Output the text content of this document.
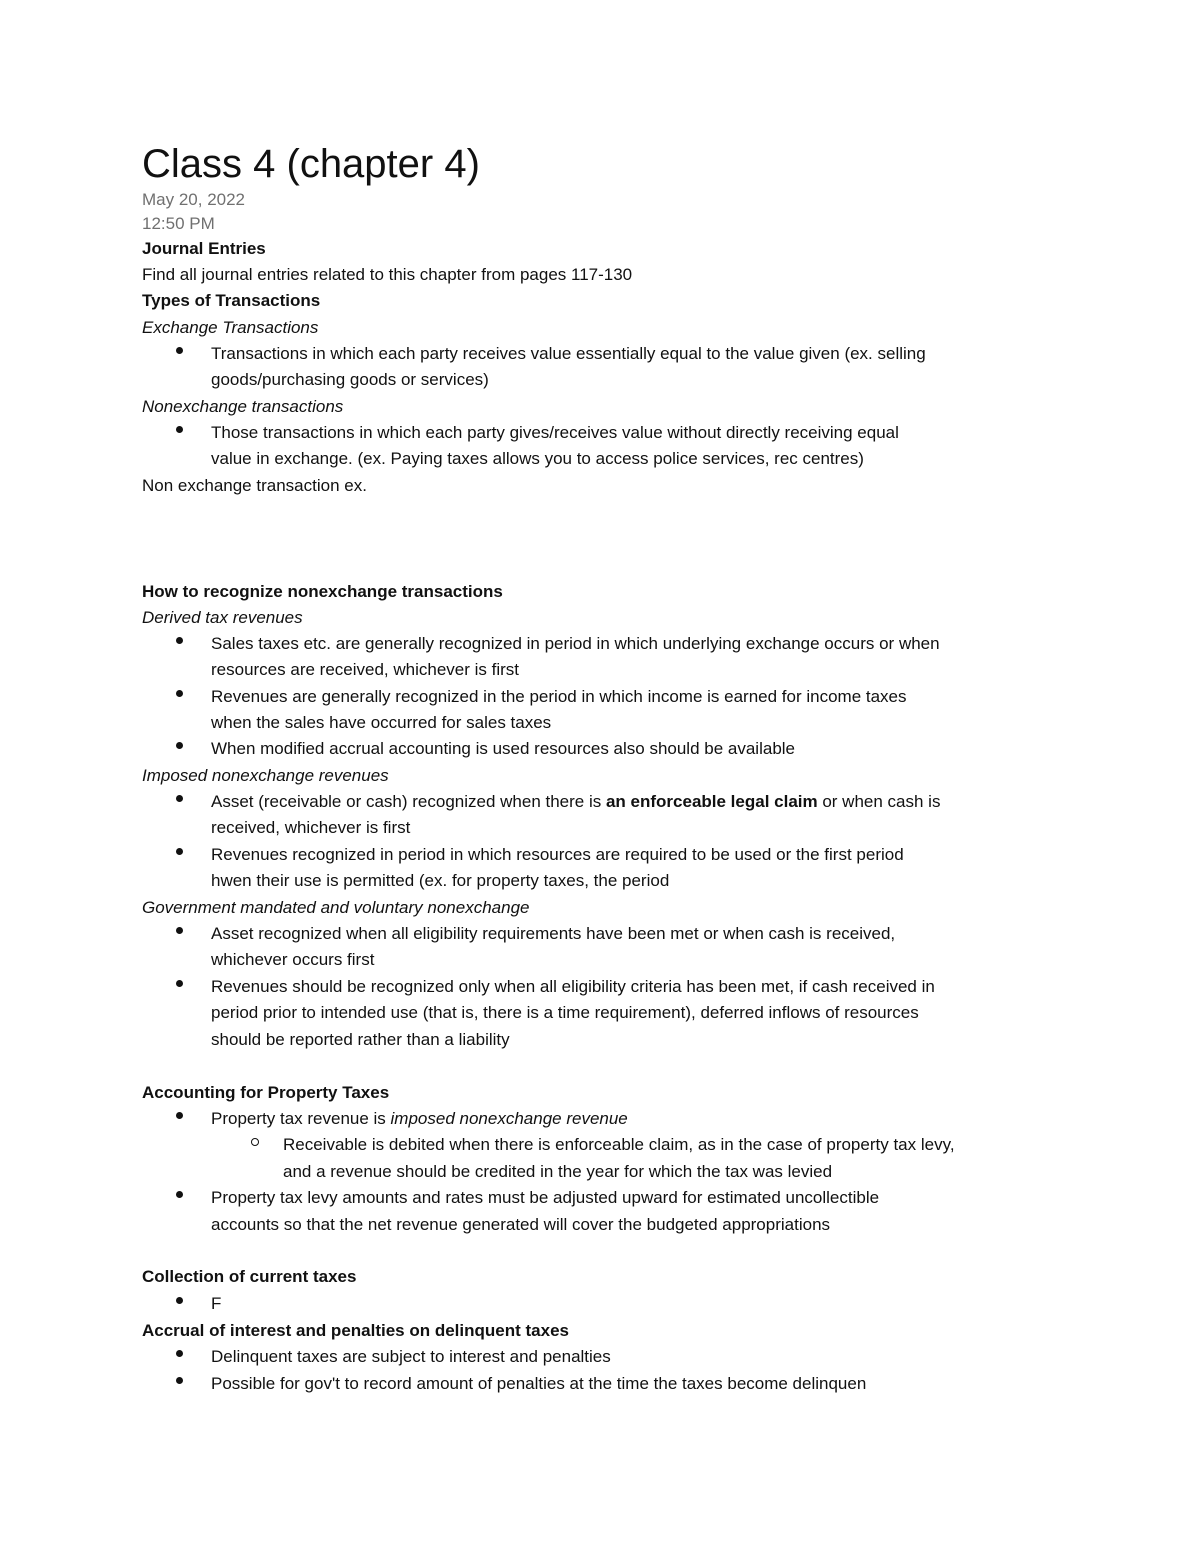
Class 4 (chapter 4)
May 20, 2022
12:50 PM
Journal Entries
Find all journal entries related to this chapter from pages 117-130
Types of Transactions
Exchange Transactions
Transactions in which each party receives value essentially equal to the value given (ex. selling
goods/purchasing goods or services)
Nonexchange transactions
Those transactions in which each party gives/receives value without directly receiving equal
value in exchange. (ex. Paying taxes allows you to access police services, rec centres)
Non exchange transaction ex.
How to recognize nonexchange transactions
Derived tax revenues
Sales taxes etc. are generally recognized in period in which underlying exchange occurs or when
resources are received, whichever is first
Revenues are generally recognized in the period in which income is earned for income taxes
when the sales have occurred for sales taxes
When modified accrual accounting is used resources also should be available
Imposed nonexchange revenues
Asset (receivable or cash) recognized when there is an enforceable legal claim or when cash is
received, whichever is first
Revenues recognized in period in which resources are required to be used or the first period
hwen their use is permitted (ex. for property taxes, the period
Government mandated and voluntary nonexchange
Asset recognized when all eligibility requirements have been met or when cash is received,
whichever occurs first
Revenues should be recognized only when all eligibility criteria has been met, if cash received in
period prior to intended use (that is, there is a time requirement), deferred inflows of resources
should be reported rather than a liability
Accounting for Property Taxes
Property tax revenue is imposed nonexchange revenue
Receivable is debited when there is enforceable claim, as in the case of property tax levy,
and a revenue should be credited in the year for which the tax was levied
Property tax levy amounts and rates must be adjusted upward for estimated uncollectible
accounts so that the net revenue generated will cover the budgeted appropriations
Collection of current taxes
F
Accrual of interest and penalties on delinquent taxes
Delinquent taxes are subject to interest and penalties
Possible for gov't to record amount of penalties at the time the taxes become delinquen
